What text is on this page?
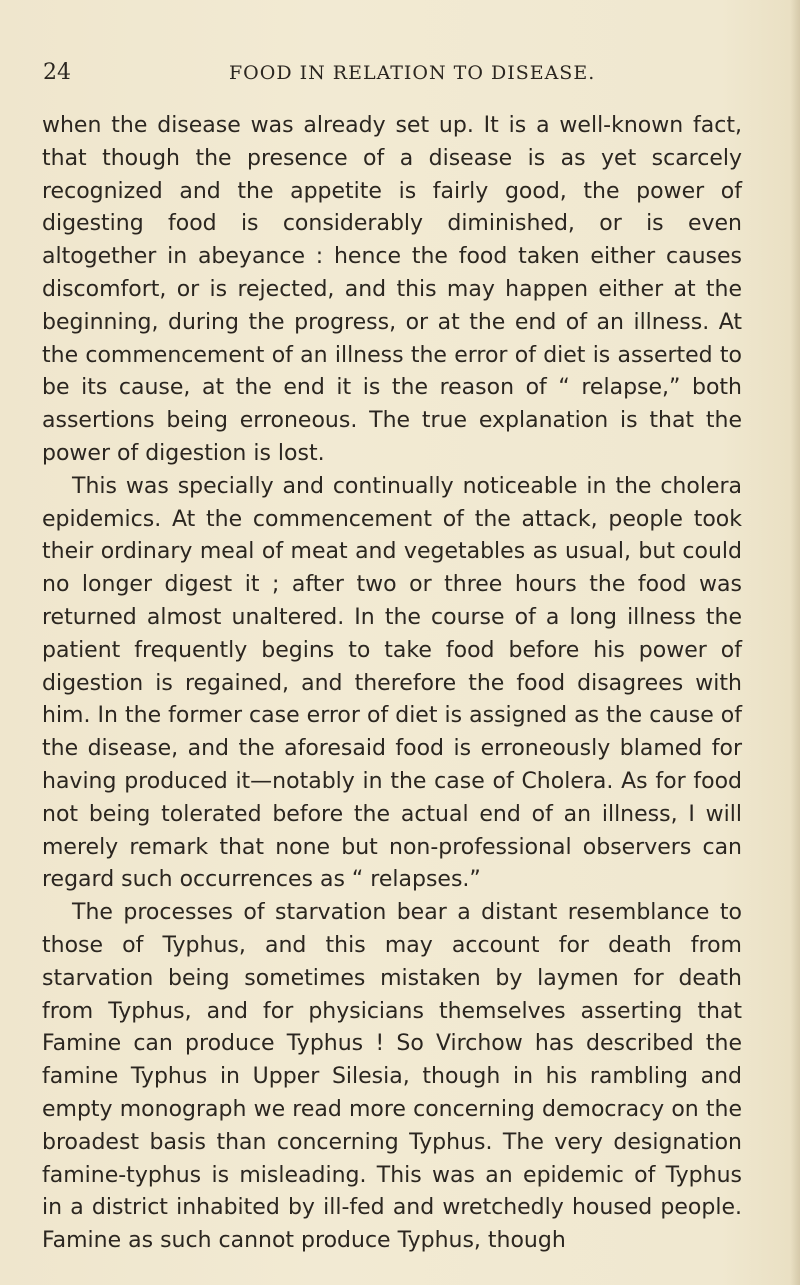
24	FOOD IN RELATION TO DISEASE.

when the disease was already set up. It is a well-known fact, that though the presence of a disease is as yet scarcely recognized and the appetite is fairly good, the power of digesting food is considerably diminished, or is even altogether in abeyance : hence the food taken either causes discomfort, or is rejected, and this may happen either at the beginning, during the progress, or at the end of an illness. At the commencement of an illness the error of diet is asserted to be its cause, at the end it is the reason of “ relapse,” both assertions being erroneous. The true explanation is that the power of digestion is lost.

This was specially and continually noticeable in the cholera epidemics. At the commencement of the attack, people took their ordinary meal of meat and vegetables as usual, but could no longer digest it ; after two or three hours the food was returned almost unaltered. In the course of a long illness the patient frequently begins to take food before his power of digestion is regained, and therefore the food disagrees with him. In the former case error of diet is assigned as the cause of the disease, and the aforesaid food is erroneously blamed for having produced it—notably in the case of Cholera. As for food not being tolerated before the actual end of an illness, I will merely remark that none but non-professional observers can regard such occurrences as “ relapses.”

The processes of starvation bear a distant resemblance to those of Typhus, and this may account for death from starvation being sometimes mistaken by laymen for death from Typhus, and for physicians themselves asserting that Famine can produce Typhus ! So Virchow has described the famine Typhus in Upper Silesia, though in his rambling and empty monograph we read more concerning democracy on the broadest basis than concerning Typhus. The very designation famine-typhus is misleading. This was an epidemic of Typhus in a district inhabited by ill-fed and wretchedly housed people. Famine as such cannot produce Typhus, though
